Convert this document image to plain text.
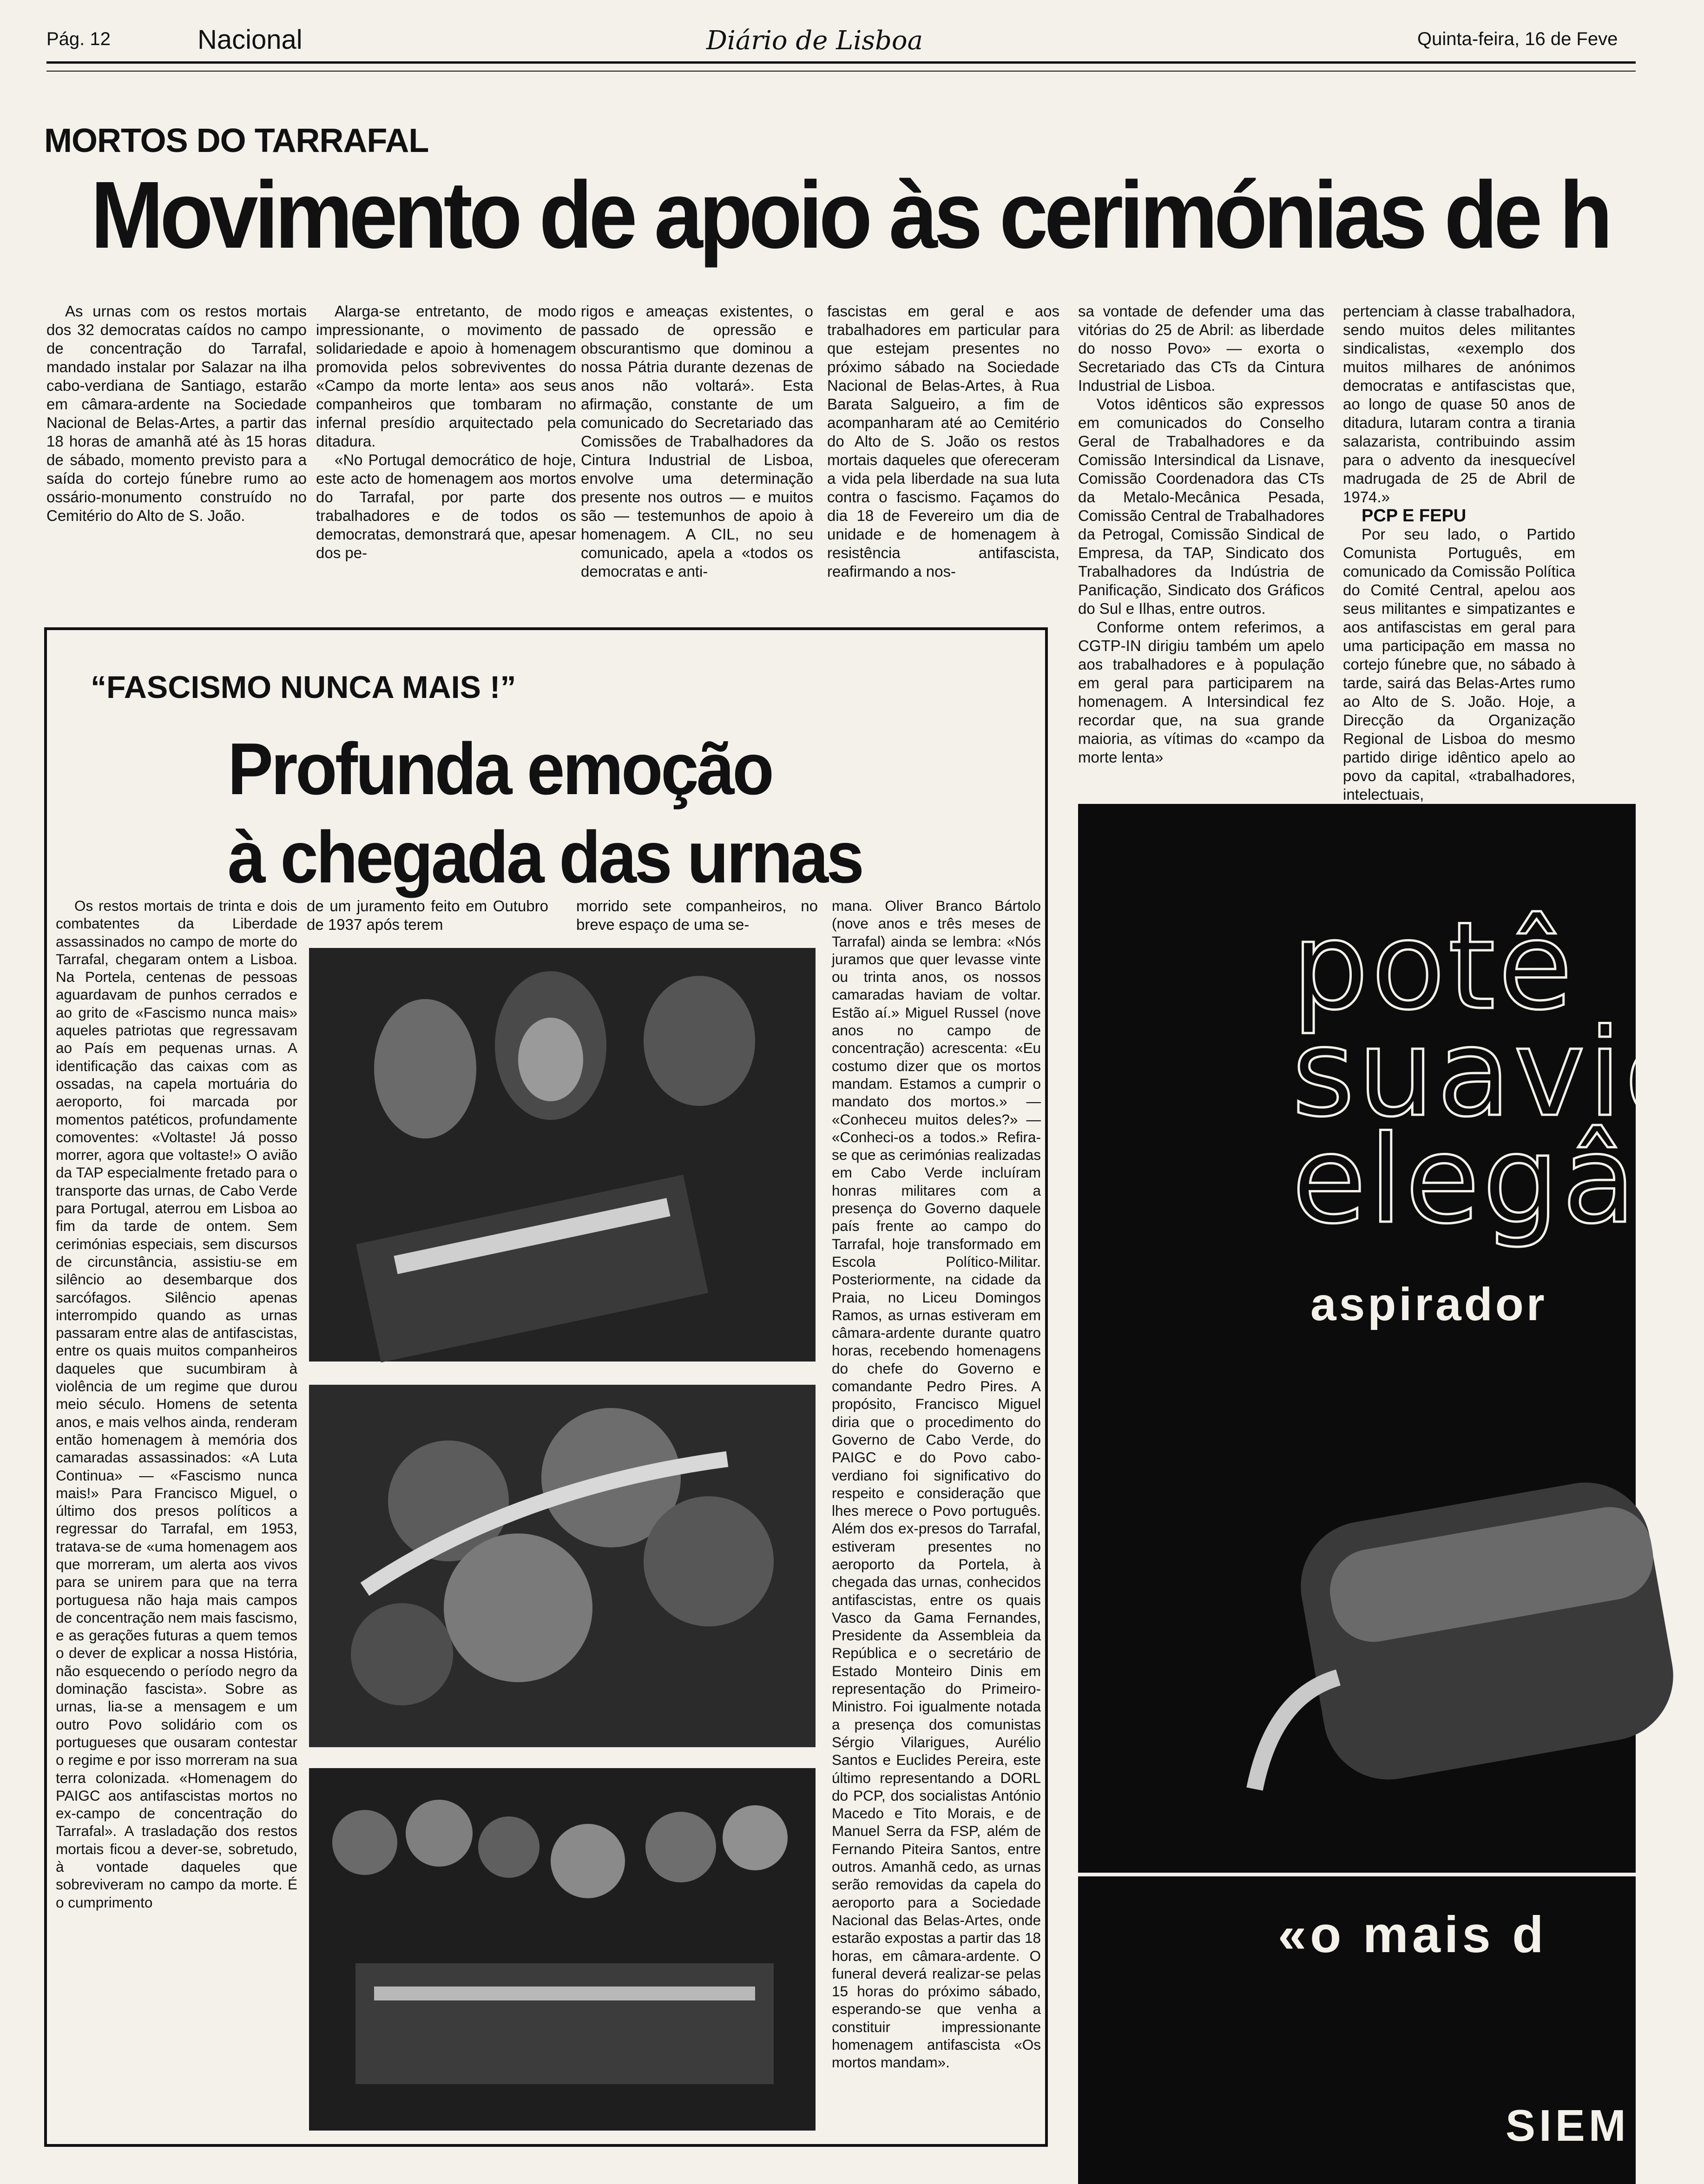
Pág. 12	Nacional	Diário de Lisboa	Quinta-feira, 16 de Feve
MORTOS DO TARRAFAL
Movimento de apoio às cerimónias de h

As urnas com os restos mortais dos 32 democratas caídos no campo de concentração do Tarrafal, mandado instalar por Salazar na ilha cabo-verdiana de Santiago, estarão em câmara-ardente na Sociedade Nacional de Belas-Artes, a partir das 18 horas de amanhã até às 15 horas de sábado, momento previsto para a saída do cortejo fúnebre rumo ao ossário-monumento construído no Cemitério do Alto de S. João.

Alarga-se entretanto, de modo impressionante, o movimento de solidariedade e apoio à homenagem promovida pelos sobreviventes do «Campo da morte lenta» aos seus companheiros que tombaram no infernal presídio arquitectado pela ditadura.

«No Portugal democrático de hoje, este acto de homenagem aos mortos do Tarrafal, por parte dos trabalhadores e de todos os democratas, demonstrará que, apesar dos pe-

rigos e ameaças existentes, o passado de opressão e obscurantismo que dominou a nossa Pátria durante dezenas de anos não voltará». Esta afirmação, constante de um comunicado do Secretariado das Comissões de Trabalhadores da Cintura Industrial de Lisboa, envolve uma determinação presente nos outros — e muitos são — testemunhos de apoio à homenagem. A CIL, no seu comunicado, apela a «todos os democratas e anti-

fascistas em geral e aos trabalhadores em particular para que estejam presentes no próximo sábado na Sociedade Nacional de Belas-Artes, à Rua Barata Salgueiro, a fim de acompanharam até ao Cemitério do Alto de S. João os restos mortais daqueles que ofereceram a vida pela liberdade na sua luta contra o fascismo. Façamos do dia 18 de Fevereiro um dia de unidade e de homenagem à resistência antifascista, reafirmando a nos-

sa vontade de defender uma das vitórias do 25 de Abril: as liberdade do nosso Povo» — exorta o Secretariado das CTs da Cintura Industrial de Lisboa.

Votos idênticos são expressos em comunicados do Conselho Geral de Trabalhadores e da Comissão Intersindical da Lisnave, Comissão Coordenadora das CTs da Metalo-Mecânica Pesada, Comissão Central de Trabalhadores da Petrogal, Comissão Sindical de Empresa, da TAP, Sindicato dos Trabalhadores da Indústria de Panificação, Sindicato dos Gráficos do Sul e Ilhas, entre outros.

Conforme ontem referimos, a CGTP-IN dirigiu também um apelo aos trabalhadores e à população em geral para participarem na homenagem. A Intersindical fez recordar que, na sua grande maioria, as vítimas do «campo da morte lenta»

pertenciam à classe trabalhadora, sendo muitos deles militantes sindicalistas, «exemplo dos muitos milhares de anónimos democratas e antifascistas que, ao longo de quase 50 anos de ditadura, lutaram contra a tirania salazarista, contribuindo assim para o advento da inesquecível madrugada de 25 de Abril de 1974.»

PCP E FEPU

Por seu lado, o Partido Comunista Português, em comunicado da Comissão Política do Comité Central, apelou aos seus militantes e simpatizantes e aos antifascistas em geral para uma participação em massa no cortejo fúnebre que, no sábado à tarde, sairá das Belas-Artes rumo ao Alto de S. João. Hoje, a Direcção da Organização Regional de Lisboa do mesmo partido dirige idêntico apelo ao povo da capital, «trabalhadores, intelectuais,

“FASCISMO NUNCA MAIS !”
Profunda emoção
à chegada das urnas

Os restos mortais de trinta e dois combatentes da Liberdade assassinados no campo de morte do Tarrafal, chegaram ontem a Lisboa. Na Portela, centenas de pessoas aguardavam de punhos cerrados e ao grito de «Fascismo nunca mais» aqueles patriotas que regressavam ao País em pequenas urnas. A identificação das caixas com as ossadas, na capela mortuária do aeroporto, foi marcada por momentos patéticos, profundamente comoventes: «Voltaste! Já posso morrer, agora que voltaste!» O avião da TAP especialmente fretado para o transporte das urnas, de Cabo Verde para Portugal, aterrou em Lisboa ao fim da tarde de ontem. Sem cerimónias especiais, sem discursos de circunstância, assistiu-se em silêncio ao desembarque dos sarcófagos. Silêncio apenas interrompido quando as urnas passaram entre alas de antifascistas, entre os quais muitos companheiros daqueles que sucumbiram à violência de um regime que durou meio século. Homens de setenta anos, e mais velhos ainda, renderam então homenagem à memória dos camaradas assassinados: «A Luta Continua» — «Fascismo nunca mais!» Para Francisco Miguel, o último dos presos políticos a regressar do Tarrafal, em 1953, tratava-se de «uma homenagem aos que morreram, um alerta aos vivos para se unirem para que na terra portuguesa não haja mais campos de concentração nem mais fascismo, e as gerações futuras a quem temos o dever de explicar a nossa História, não esquecendo o período negro da dominação fascista». Sobre as urnas, lia-se a mensagem e um outro Povo solidário com os portugueses que ousaram contestar o regime e por isso morreram na sua terra colonizada. «Homenagem do PAIGC aos antifascistas mortos no ex-campo de concentração do Tarrafal». A trasladação dos restos mortais ficou a dever-se, sobretudo, à vontade daqueles que sobreviveram no campo da morte. É o cumprimento

de um juramento feito em Outubro de 1937 após terem

morrido sete companheiros, no breve espaço de uma se-

mana. Oliver Branco Bártolo (nove anos e três meses de Tarrafal) ainda se lembra: «Nós juramos que quer levasse vinte ou trinta anos, os nossos camaradas haviam de voltar. Estão aí.» Miguel Russel (nove anos no campo de concentração) acrescenta: «Eu costumo dizer que os mortos mandam. Estamos a cumprir o mandato dos mortos.» — «Conheceu muitos deles?» — «Conheci-os a todos.» Refira-se que as cerimónias realizadas em Cabo Verde incluíram honras militares com a presença do Governo daquele país frente ao campo do Tarrafal, hoje transformado em Escola Político-Militar. Posteriormente, na cidade da Praia, no Liceu Domingos Ramos, as urnas estiveram em câmara-ardente durante quatro horas, recebendo homenagens do chefe do Governo e comandante Pedro Pires. A propósito, Francisco Miguel diria que o procedimento do Governo de Cabo Verde, do PAIGC e do Povo cabo-verdiano foi significativo do respeito e consideração que lhes merece o Povo português. Além dos ex-presos do Tarrafal, estiveram presentes no aeroporto da Portela, à chegada das urnas, conhecidos antifascistas, entre os quais Vasco da Gama Fernandes, Presidente da Assembleia da República e o secretário de Estado Monteiro Dinis em representação do Primeiro-Ministro. Foi igualmente notada a presença dos comunistas Sérgio Vilarigues, Aurélio Santos e Euclides Pereira, este último representando a DORL do PCP, dos socialistas António Macedo e Tito Morais, e de Manuel Serra da FSP, além de Fernando Piteira Santos, entre outros. Amanhã cedo, as urnas serão removidas da capela do aeroporto para a Sociedade Nacional das Belas-Artes, onde estarão expostas a partir das 18 horas, em câmara-ardente. O funeral deverá realizar-se pelas 15 horas do próximo sábado, esperando-se que venha a constituir impressionante homenagem antifascista «Os mortos mandam».

potê
suavid
elegâ
aspirador
«o mais d
SIEM
